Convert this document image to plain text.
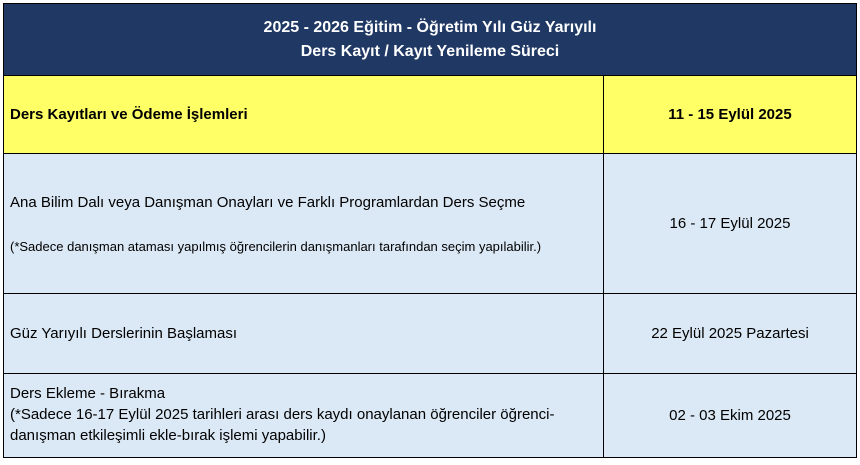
2025 - 2026 Eğitim - Öğretim Yılı Güz Yarıyılı
Ders Kayıt / Kayıt Yenileme Süreci
Ders Kayıtları ve Ödeme İşlemleri	11 - 15 Eylül 2025
Ana Bilim Dalı veya Danışman Onayları ve Farklı Programlardan Ders Seçme
(*Sadece danışman ataması yapılmış öğrencilerin danışmanları tarafından seçim yapılabilir.)
16 - 17 Eylül 2025
Güz Yarıyılı Derslerinin Başlaması	22 Eylül 2025 Pazartesi
Ders Ekleme - Bırakma
(*Sadece 16-17 Eylül 2025 tarihleri arası ders kaydı onaylanan öğrenciler öğrenci-
danışman etkileşimli ekle-bırak işlemi yapabilir.)
02 - 03 Ekim 2025
